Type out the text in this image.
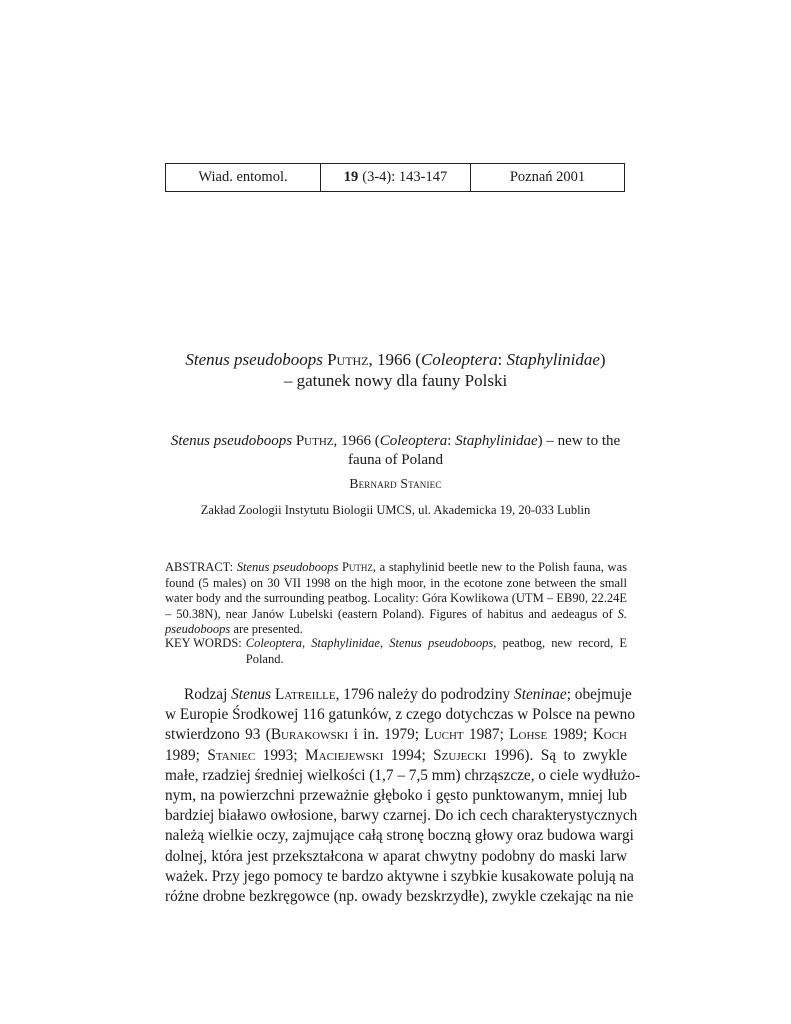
Wiad. entomol.	19 (3-4): 143-147	Poznań 2001
Stenus pseudoboops Puthz, 1966 (Coleoptera: Staphylinidae)
– gatunek nowy dla fauny Polski
Stenus pseudoboops Puthz, 1966 (Coleoptera: Staphylinidae) – new to the
fauna of Poland
Bernard Staniec
Zakład Zoologii Instytutu Biologii UMCS, ul. Akademicka 19, 20-033 Lublin
ABSTRACT: Stenus pseudoboops Puthz, a staphylinid beetle new to the Polish fauna, was found (5 males) on 30 VII 1998 on the high moor, in the ecotone zone between the small water body and the surrounding peatbog. Locality: Góra Kowlikowa (UTM – EB90, 22.24E – 50.38N), near Janów Lubelski (eastern Poland). Figures of habitus and aedeagus of S. pseudoboops are presented.
KEY WORDS: Coleoptera, Staphylinidae, Stenus pseudoboops, peatbog, new record, E Poland.
Rodzaj Stenus Latreille, 1796 należy do podrodziny Steninae; obejmuje
w Europie Środkowej 116 gatunków, z czego dotychczas w Polsce na pewno
stwierdzono 93 (Burakowski i in. 1979; Lucht 1987; Lohse 1989; Koch
1989; Staniec 1993; Maciejewski 1994; Szujecki 1996). Są to zwykle
małe, rzadziej średniej wielkości (1,7 – 7,5 mm) chrząszcze, o ciele wydłużo-
nym, na powierzchni przeważnie głęboko i gęsto punktowanym, mniej lub
bardziej białawo owłosione, barwy czarnej. Do ich cech charakterystycznych
należą wielkie oczy, zajmujące całą stronę boczną głowy oraz budowa wargi
dolnej, która jest przekształcona w aparat chwytny podobny do maski larw
ważek. Przy jego pomocy te bardzo aktywne i szybkie kusakowate polują na
różne drobne bezkręgowce (np. owady bezskrzydłe), zwykle czekając na nie
